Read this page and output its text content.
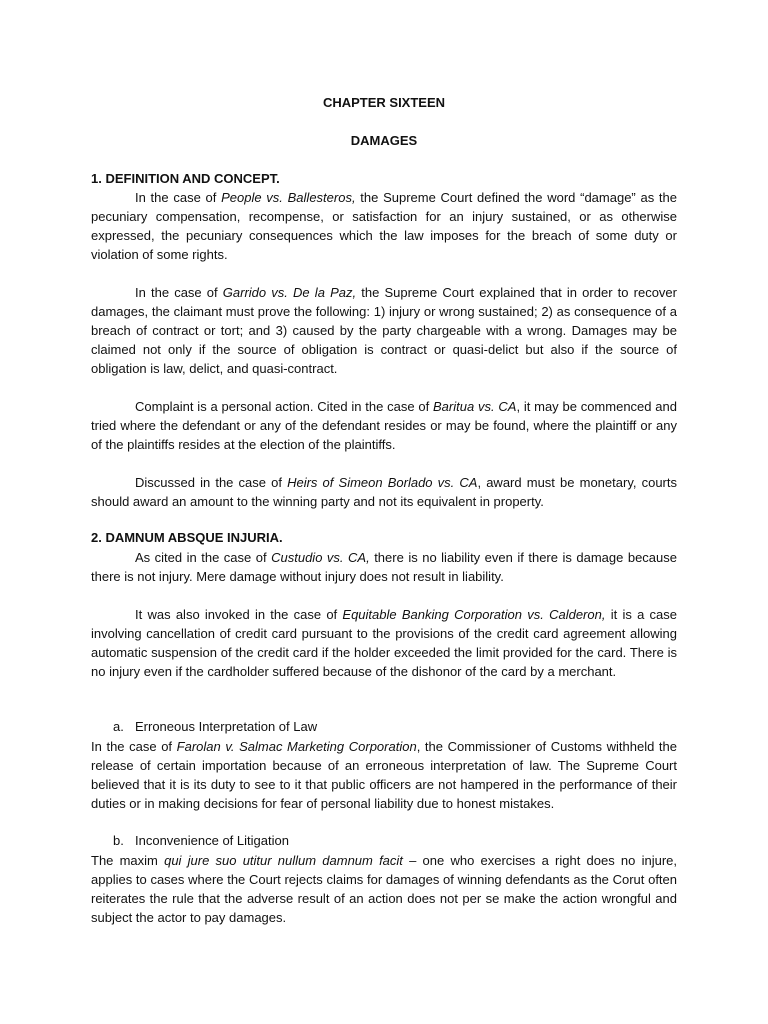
CHAPTER SIXTEEN
DAMAGES
1. DEFINITION AND CONCEPT.

In the case of People vs. Ballesteros, the Supreme Court defined the word “damage” as the pecuniary compensation, recompense, or satisfaction for an injury sustained, or as otherwise expressed, the pecuniary consequences which the law imposes for the breach of some duty or violation of some rights.

In the case of Garrido vs. De la Paz, the Supreme Court explained that in order to recover damages, the claimant must prove the following: 1) injury or wrong sustained; 2) as consequence of a breach of contract or tort; and 3) caused by the party chargeable with a wrong. Damages may be claimed not only if the source of obligation is contract or quasi-delict but also if the source of obligation is law, delict, and quasi-contract.

Complaint is a personal action. Cited in the case of Baritua vs. CA, it may be commenced and tried where the defendant or any of the defendant resides or may be found, where the plaintiff or any of the plaintiffs resides at the election of the plaintiffs.

Discussed in the case of Heirs of Simeon Borlado vs. CA, award must be monetary, courts should award an amount to the winning party and not its equivalent in property.

2. DAMNUM ABSQUE INJURIA.

As cited in the case of Custudio vs. CA, there is no liability even if there is damage because there is not injury. Mere damage without injury does not result in liability.

It was also invoked in the case of Equitable Banking Corporation vs. Calderon, it is a case involving cancellation of credit card pursuant to the provisions of the credit card agreement allowing automatic suspension of the credit card if the holder exceeded the limit provided for the card. There is no injury even if the cardholder suffered because of the dishonor of the card by a merchant.

a. Erroneous Interpretation of Law

In the case of Farolan v. Salmac Marketing Corporation, the Commissioner of Customs withheld the release of certain importation because of an erroneous interpretation of law. The Supreme Court believed that it is its duty to see to it that public officers are not hampered in the performance of their duties or in making decisions for fear of personal liability due to honest mistakes.

b. Inconvenience of Litigation

The maxim qui jure suo utitur nullum damnum facit – one who exercises a right does no injure, applies to cases where the Court rejects claims for damages of winning defendants as the Corut often reiterates the rule that the adverse result of an action does not per se make the action wrongful and subject the actor to pay damages.
